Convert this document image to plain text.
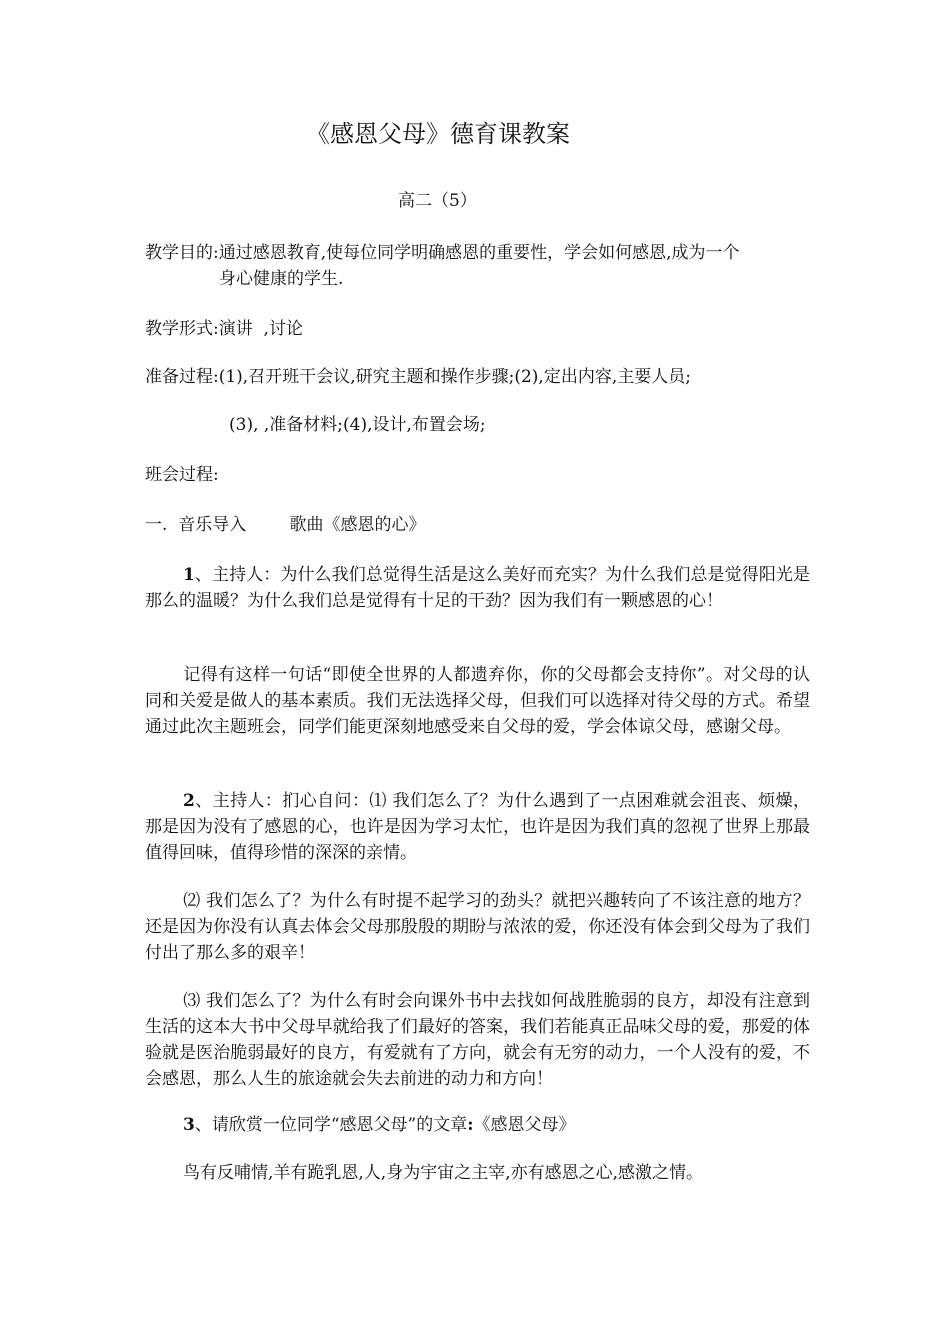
《感恩父母》德育课教案
高二（5）
教学目的:通过感恩教育,使每位同学明确感恩的重要性，学会如何感恩,成为一个
身心健康的学生.
教学形式:演讲  ,讨论
准备过程:(1),召开班干会议,研究主题和操作步骤;(2),定出内容,主要人员;
(3), ,准备材料;(4),设计,布置会场;
班会过程:
一.  音乐导入        歌曲《感恩的心》
1、主持人：为什么我们总觉得生活是这么美好而充实？为什么我们总是觉得阳光是那么的温暖？为什么我们总是觉得有十足的干劲？因为我们有一颗感恩的心！
记得有这样一句话“即使全世界的人都遗弃你，你的父母都会支持你”。对父母的认同和关爱是做人的基本素质。我们无法选择父母，但我们可以选择对待父母的方式。希望通过此次主题班会，同学们能更深刻地感受来自父母的爱，学会体谅父母，感谢父母。
2、主持人：扪心自问：⑴ 我们怎么了？为什么遇到了一点困难就会沮丧、烦燥，那是因为没有了感恩的心，也许是因为学习太忙，也许是因为我们真的忽视了世界上那最值得回味，值得珍惜的深深的亲情。
⑵ 我们怎么了？为什么有时提不起学习的劲头？就把兴趣转向了不该注意的地方？还是因为你没有认真去体会父母那殷殷的期盼与浓浓的爱，你还没有体会到父母为了我们付出了那么多的艰辛！
⑶ 我们怎么了？为什么有时会向课外书中去找如何战胜脆弱的良方，却没有注意到生活的这本大书中父母早就给我了们最好的答案，我们若能真正品味父母的爱，那爱的体验就是医治脆弱最好的良方，有爱就有了方向，就会有无穷的动力，一个人没有的爱，不会感恩，那么人生的旅途就会失去前进的动力和方向！
3、请欣赏一位同学“感恩父母”的文章:《感恩父母》
鸟有反哺情,羊有跪乳恩,人,身为宇宙之主宰,亦有感恩之心,感激之情。
